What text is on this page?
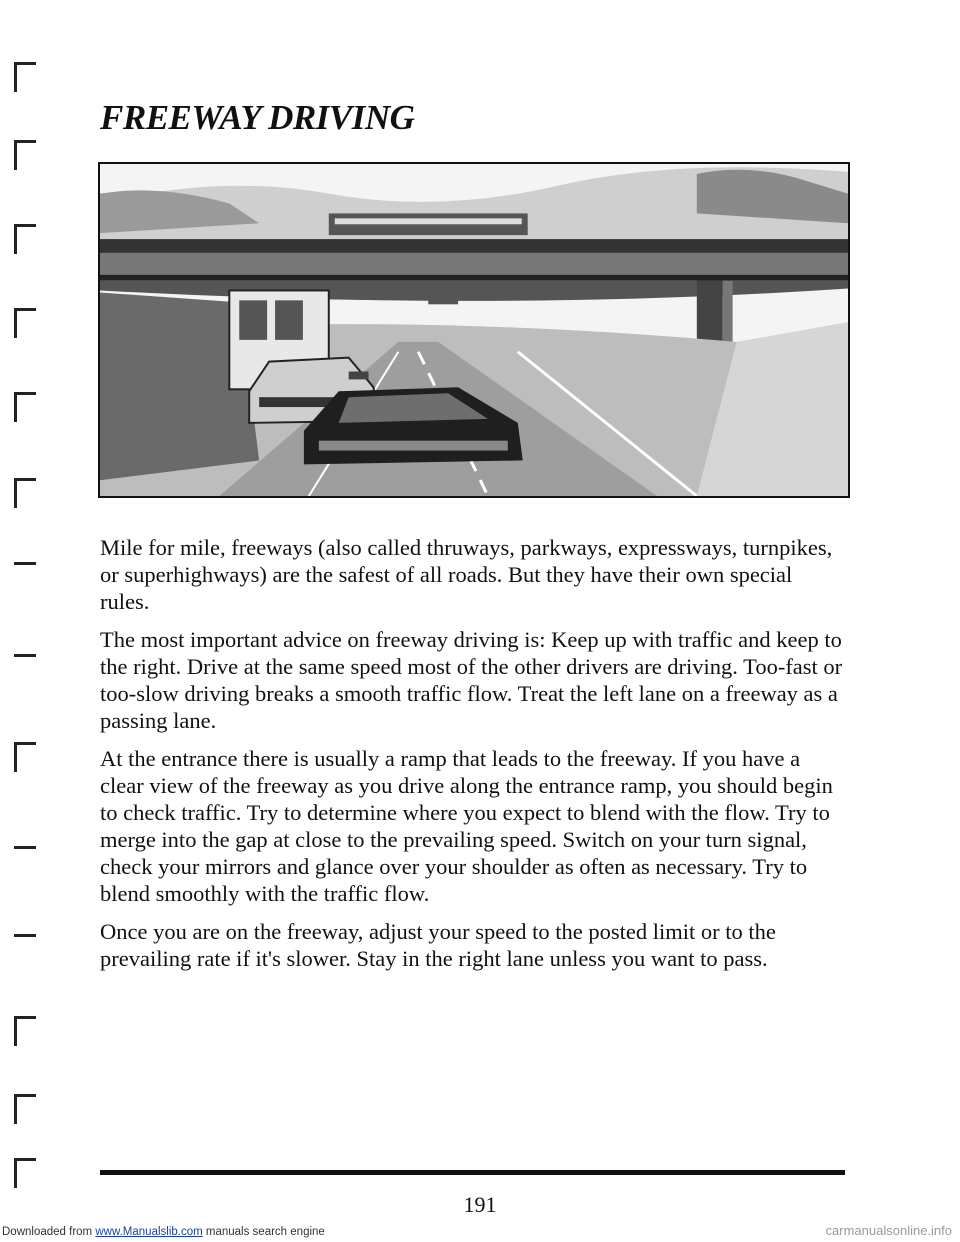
FREEWAY DRIVING

Mile for mile, freeways (also called thruways, parkways, expressways, turnpikes, or superhighways) are the safest of all roads. But they have their own special rules.

The most important advice on freeway driving is: Keep up with traffic and keep to the right. Drive at the same speed most of the other drivers are driving. Too-fast or too-slow driving breaks a smooth traffic flow. Treat the left lane on a freeway as a passing lane.

At the entrance there is usually a ramp that leads to the freeway. If you have a clear view of the freeway as you drive along the entrance ramp, you should begin to check traffic. Try to determine where you expect to blend with the flow. Try to merge into the gap at close to the prevailing speed. Switch on your turn signal, check your mirrors and glance over your shoulder as often as necessary. Try to blend smoothly with the traffic flow.

Once you are on the freeway, adjust your speed to the posted limit or to the prevailing rate if it's slower. Stay in the right lane unless you want to pass.

191
Downloaded from www.Manualslib.com manuals search engine	carmanualsonline.info
